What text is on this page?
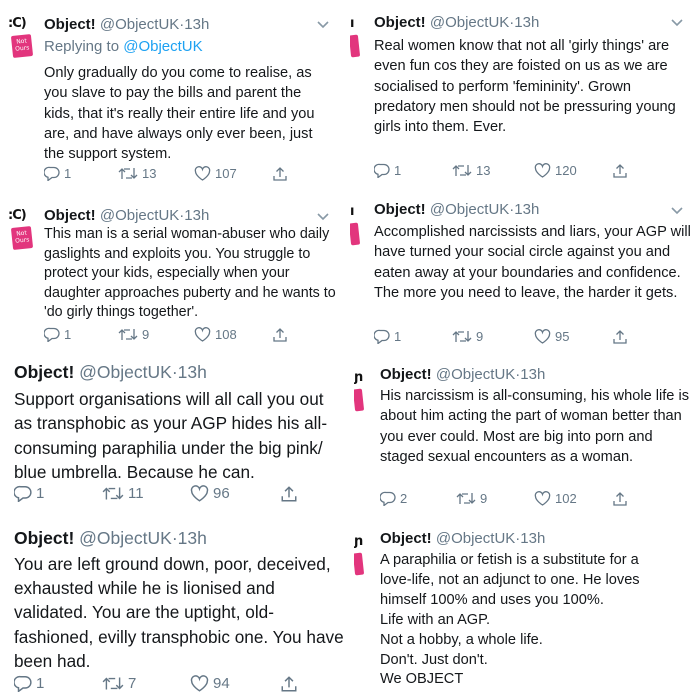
:C)
Not Ours
Object! @ObjectUK·13h
Replying to @ObjectUK
Only gradually do you come to realise, as you slave to pay the bills and parent the kids, that it's really their entire life and you are, and have always only ever been, just the support system.
1	13	107
ı Object! @ObjectUK·13h
Real women know that not all 'girly things' are even fun cos they are foisted on us as we are socialised to perform 'femininity'. Grown predatory men should not be pressuring young girls into them. Ever.
1	13	120
:C)
Not Ours
Object! @ObjectUK·13h
This man is a serial woman-abuser who daily gaslights and exploits you. You struggle to protect your kids, especially when your daughter approaches puberty and he wants to 'do girly things together'.
1	9	108
ı Object! @ObjectUK·13h
Accomplished narcissists and liars, your AGP will have turned your social circle against you and eaten away at your boundaries and confidence. The more you need to leave, the harder it gets.
1	9	95
Object! @ObjectUK·13h
Support organisations will all call you out as transphobic as your AGP hides his all-consuming paraphilia under the big pink/ blue umbrella. Because he can.
1	11	96
ɲ Object! @ObjectUK·13h
His narcissism is all-consuming, his whole life is about him acting the part of woman better than you ever could. Most are big into porn and staged sexual encounters as a woman.
2	9	102
Object! @ObjectUK·13h
You are left ground down, poor, deceived, exhausted while he is lionised and validated. You are the uptight, old-fashioned, evilly transphobic one. You have been had.
1	7	94
ɲ Object! @ObjectUK·13h
A paraphilia or fetish is a substitute for a
love-life, not an adjunct to one. He loves
himself 100% and uses you 100%.
Life with an AGP.
Not a hobby, a whole life.
Don't. Just don't.
We OBJECT
